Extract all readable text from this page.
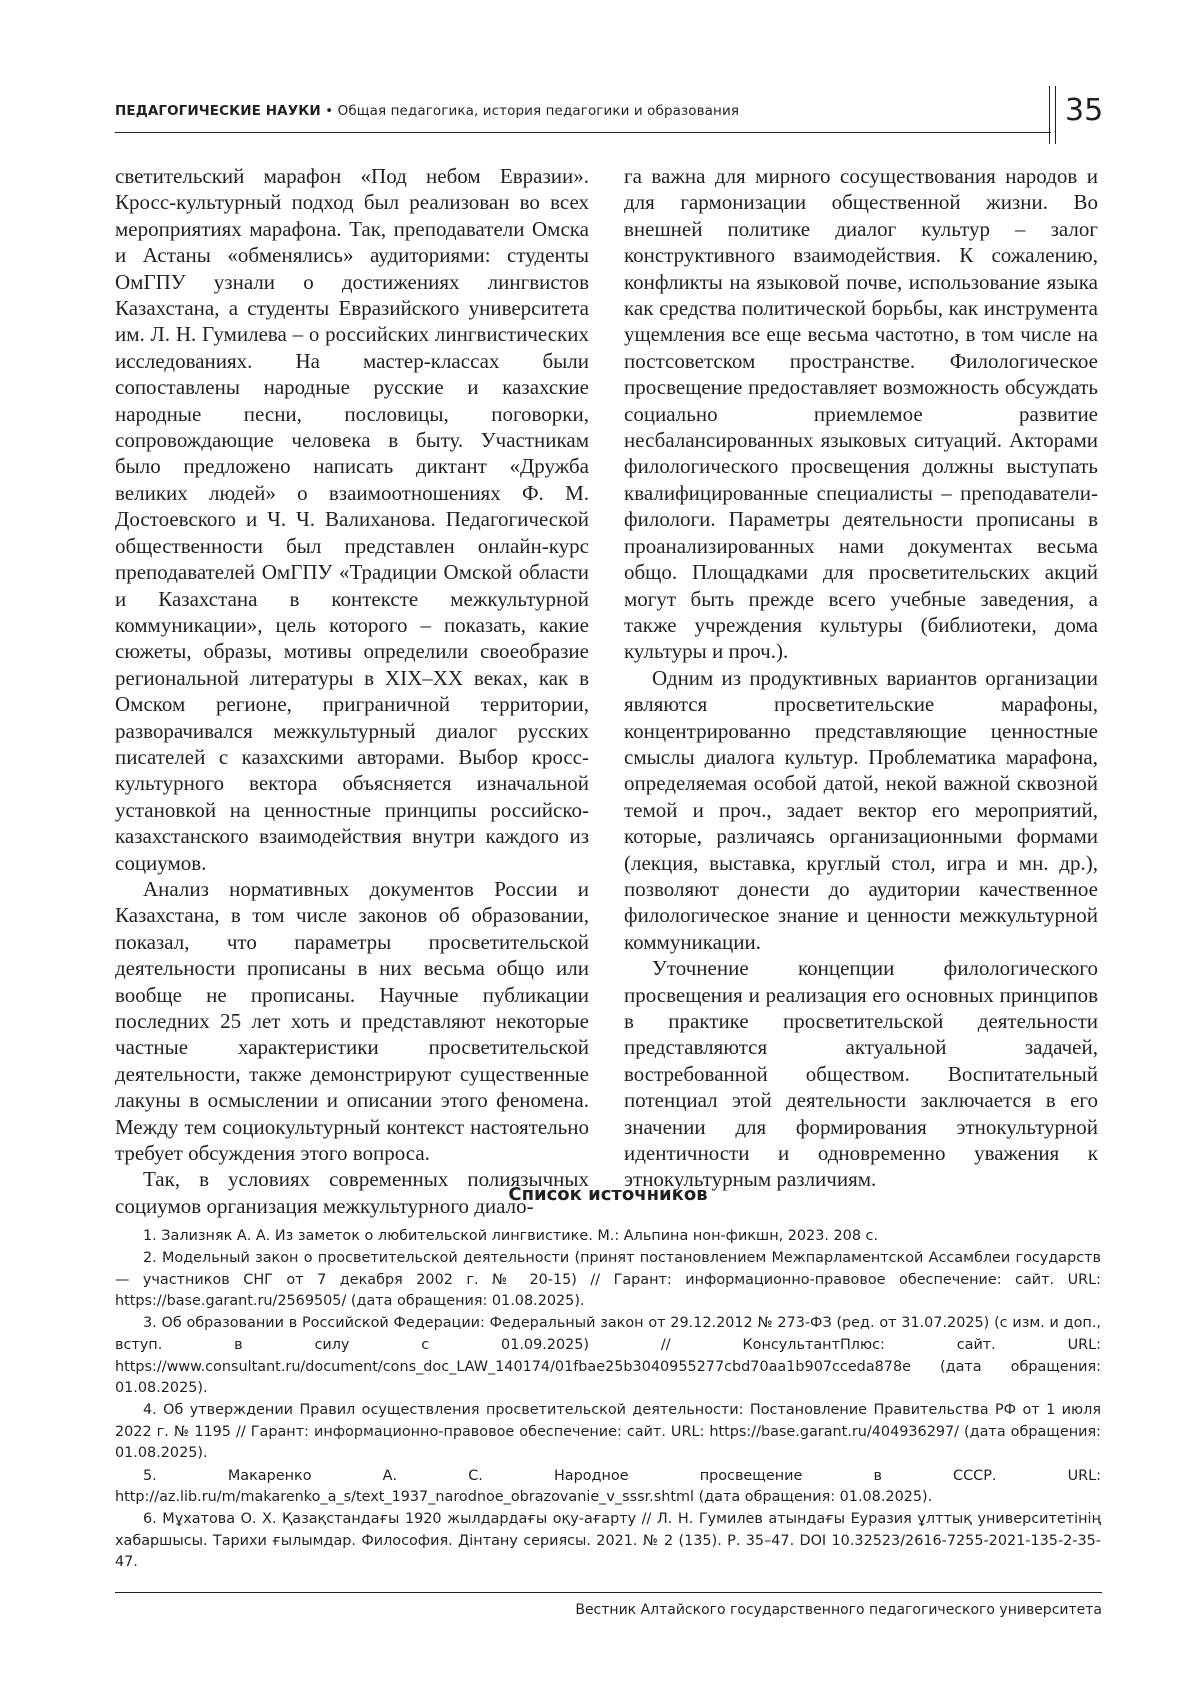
ПЕДАГОГИЧЕСКИЕ НАУКИ • Общая педагогика, история педагогики и образования	35

светительский марафон «Под небом Евразии». Кросс-культурный подход был реализован во всех мероприятиях марафона. Так, преподаватели Омска и Астаны «обменялись» аудиториями: студенты ОмГПУ узнали о достижениях лингвистов Казахстана, а студенты Евразийского университета им. Л. Н. Гумилева – о российских лингвистических исследованиях. На мастер-классах были сопоставлены народные русские и казахские народные песни, пословицы, поговорки, сопровождающие человека в быту. Участникам было предложено написать диктант «Дружба великих людей» о взаимоотношениях Ф. М. Достоевского и Ч. Ч. Валиханова. Педагогической общественности был представлен онлайн-курс преподавателей ОмГПУ «Традиции Омской области и Казахстана в контексте межкультурной коммуникации», цель которого – показать, какие сюжеты, образы, мотивы определили своеобразие региональной литературы в XIX–XX веках, как в Омском регионе, приграничной территории, разворачивался межкультурный диалог русских писателей с казахскими авторами. Выбор кросс-культурного вектора объясняется изначальной установкой на ценностные принципы российско-казахстанского взаимодействия внутри каждого из социумов.

Анализ нормативных документов России и Казахстана, в том числе законов об образовании, показал, что параметры просветительской деятельности прописаны в них весьма общо или вообще не прописаны. Научные публикации последних 25 лет хоть и представляют некоторые частные характеристики просветительской деятельности, также демонстрируют существенные лакуны в осмыслении и описании этого феномена. Между тем социокультурный контекст настоятельно требует обсуждения этого вопроса.

Так, в условиях современных полиязычных социумов организация межкультурного диало-

га важна для мирного сосуществования народов и для гармонизации общественной жизни. Во внешней политике диалог культур – залог конструктивного взаимодействия. К сожалению, конфликты на языковой почве, использование языка как средства политической борьбы, как инструмента ущемления все еще весьма частотно, в том числе на постсоветском пространстве. Филологическое просвещение предоставляет возможность обсуждать социально приемлемое развитие несбалансированных языковых ситуаций. Акторами филологического просвещения должны выступать квалифицированные специалисты – преподаватели-филологи. Параметры деятельности прописаны в проанализированных нами документах весьма общо. Площадками для просветительских акций могут быть прежде всего учебные заведения, а также учреждения культуры (библиотеки, дома культуры и проч.).

Одним из продуктивных вариантов организации являются просветительские марафоны, концентрированно представляющие ценностные смыслы диалога культур. Проблематика марафона, определяемая особой датой, некой важной сквозной темой и проч., задает вектор его мероприятий, которые, различаясь организационными формами (лекция, выставка, круглый стол, игра и мн. др.), позволяют донести до аудитории качественное филологическое знание и ценности межкультурной коммуникации.

Уточнение концепции филологического просвещения и реализация его основных принципов в практике просветительской деятельности представляются актуальной задачей, востребованной обществом. Воспитательный потенциал этой деятельности заключается в его значении для формирования этнокультурной идентичности и одновременно уважения к этнокультурным различиям.

Список источников

1. Зализняк А. А. Из заметок о любительской лингвистике. М.: Альпина нон-фикшн, 2023. 208 с.

2. Модельный закон о просветительской деятельности (принят постановлением Межпарламентской Ассамблеи государств — участников СНГ от 7 декабря 2002 г. № 20-15) // Гарант: информационно-правовое обеспечение: сайт. URL: https://base.garant.ru/2569505/ (дата обращения: 01.08.2025).

3. Об образовании в Российской Федерации: Федеральный закон от 29.12.2012 № 273-ФЗ (ред. от 31.07.2025) (с изм. и доп., вступ. в силу с 01.09.2025) // КонсультантПлюс: сайт. URL: https://www.consultant.ru/document/cons_doc_LAW_140174/01fbae25b3040955277cbd70aa1b907cceda878e (дата обращения: 01.08.2025).

4. Об утверждении Правил осуществления просветительской деятельности: Постановление Правительства РФ от 1 июля 2022 г. № 1195 // Гарант: информационно-правовое обеспечение: сайт. URL: https://base.garant.ru/404936297/ (дата обращения: 01.08.2025).

5. Макаренко А. С. Народное просвещение в СССР. URL: http://az.lib.ru/m/makarenko_a_s/text_1937_narodnoe_obrazovanie_v_sssr.shtml (дата обращения: 01.08.2025).

6. Мұхатова О. Х. Қазақстандағы 1920 жылдардағы оқу-ағарту // Л. Н. Гумилев атындағы Еуразия ұлттық университетінің хабаршысы. Тарихи ғылымдар. Философия. Дінтану сериясы. 2021. № 2 (135). Р. 35–47. DOI 10.32523/2616-7255-2021-135-2-35-47.

Вестник Алтайского государственного педагогического университета
